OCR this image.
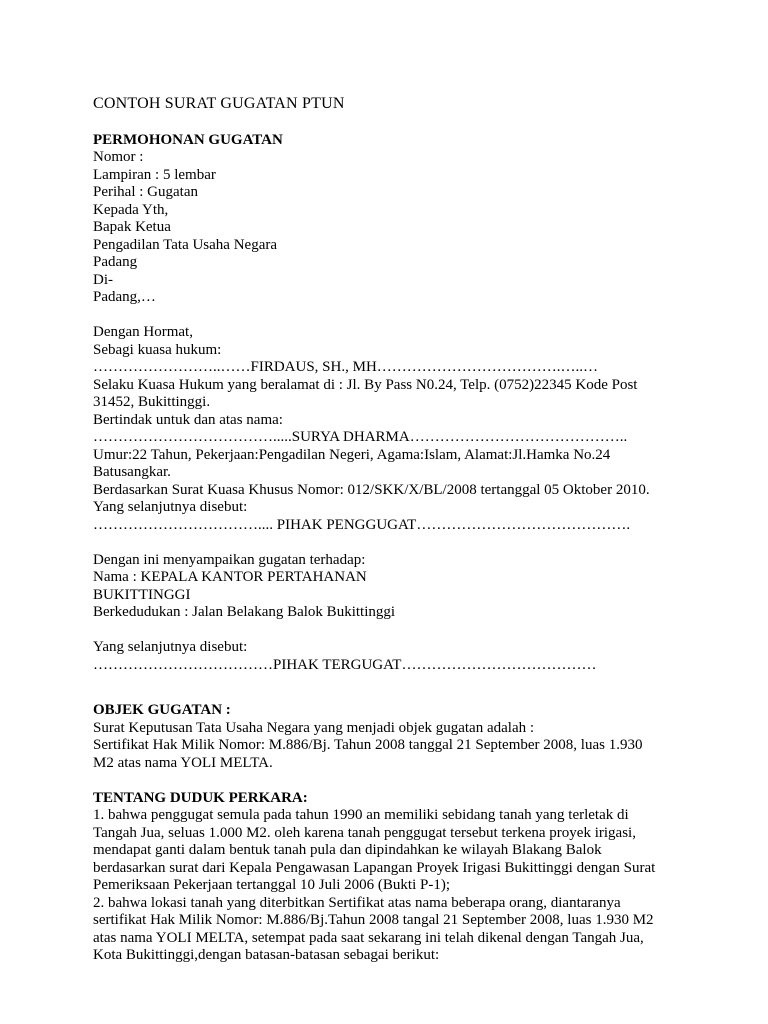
CONTOH SURAT GUGATAN PTUN
PERMOHONAN GUGATAN
Nomor :
Lampiran : 5 lembar
Perihal : Gugatan
Kepada Yth,
Bapak Ketua
Pengadilan Tata Usaha Negara
Padang
Di-
Padang,…
Dengan Hormat,
Sebagi kuasa hukum:
……………………..……FIRDAUS, SH., MH……………………………….…..…
Selaku Kuasa Hukum yang beralamat di : Jl. By Pass N0.24, Telp. (0752)22345 Kode Post
31452, Bukittinggi.
Bertindak untuk dan atas nama:
……………………………….....SURYA DHARMA……………………………………..
Umur:22 Tahun, Pekerjaan:Pengadilan Negeri, Agama:Islam, Alamat:Jl.Hamka No.24
Batusangkar.
Berdasarkan Surat Kuasa Khusus Nomor: 012/SKK/X/BL/2008 tertanggal 05 Oktober 2010.
Yang selanjutnya disebut:
…………………………….... PIHAK PENGGUGAT…………………………………….
Dengan ini menyampaikan gugatan terhadap:
Nama : KEPALA KANTOR PERTAHANAN
BUKITTINGGI
Berkedudukan : Jalan Belakang Balok Bukittinggi
Yang selanjutnya disebut:
………………………………PIHAK TERGUGAT…………………………………
OBJEK GUGATAN :
Surat Keputusan Tata Usaha Negara yang menjadi objek gugatan adalah :
Sertifikat Hak Milik Nomor: M.886/Bj. Tahun 2008 tanggal 21 September 2008, luas 1.930
M2 atas nama YOLI MELTA.
TENTANG DUDUK PERKARA:
1. bahwa penggugat semula pada tahun 1990 an memiliki sebidang tanah yang terletak di
Tangah Jua, seluas 1.000 M2. oleh karena tanah penggugat tersebut terkena proyek irigasi,
mendapat ganti dalam bentuk tanah pula dan dipindahkan ke wilayah Blakang Balok
berdasarkan surat dari Kepala Pengawasan Lapangan Proyek Irigasi Bukittinggi dengan Surat
Pemeriksaan Pekerjaan tertanggal 10 Juli 2006 (Bukti P-1);
2. bahwa lokasi tanah yang diterbitkan Sertifikat atas nama beberapa orang, diantaranya
sertifikat Hak Milik Nomor: M.886/Bj.Tahun 2008 tangal 21 September 2008, luas 1.930 M2
atas nama YOLI MELTA, setempat pada saat sekarang ini telah dikenal dengan Tangah Jua,
Kota Bukittinggi,dengan batasan-batasan sebagai berikut:
